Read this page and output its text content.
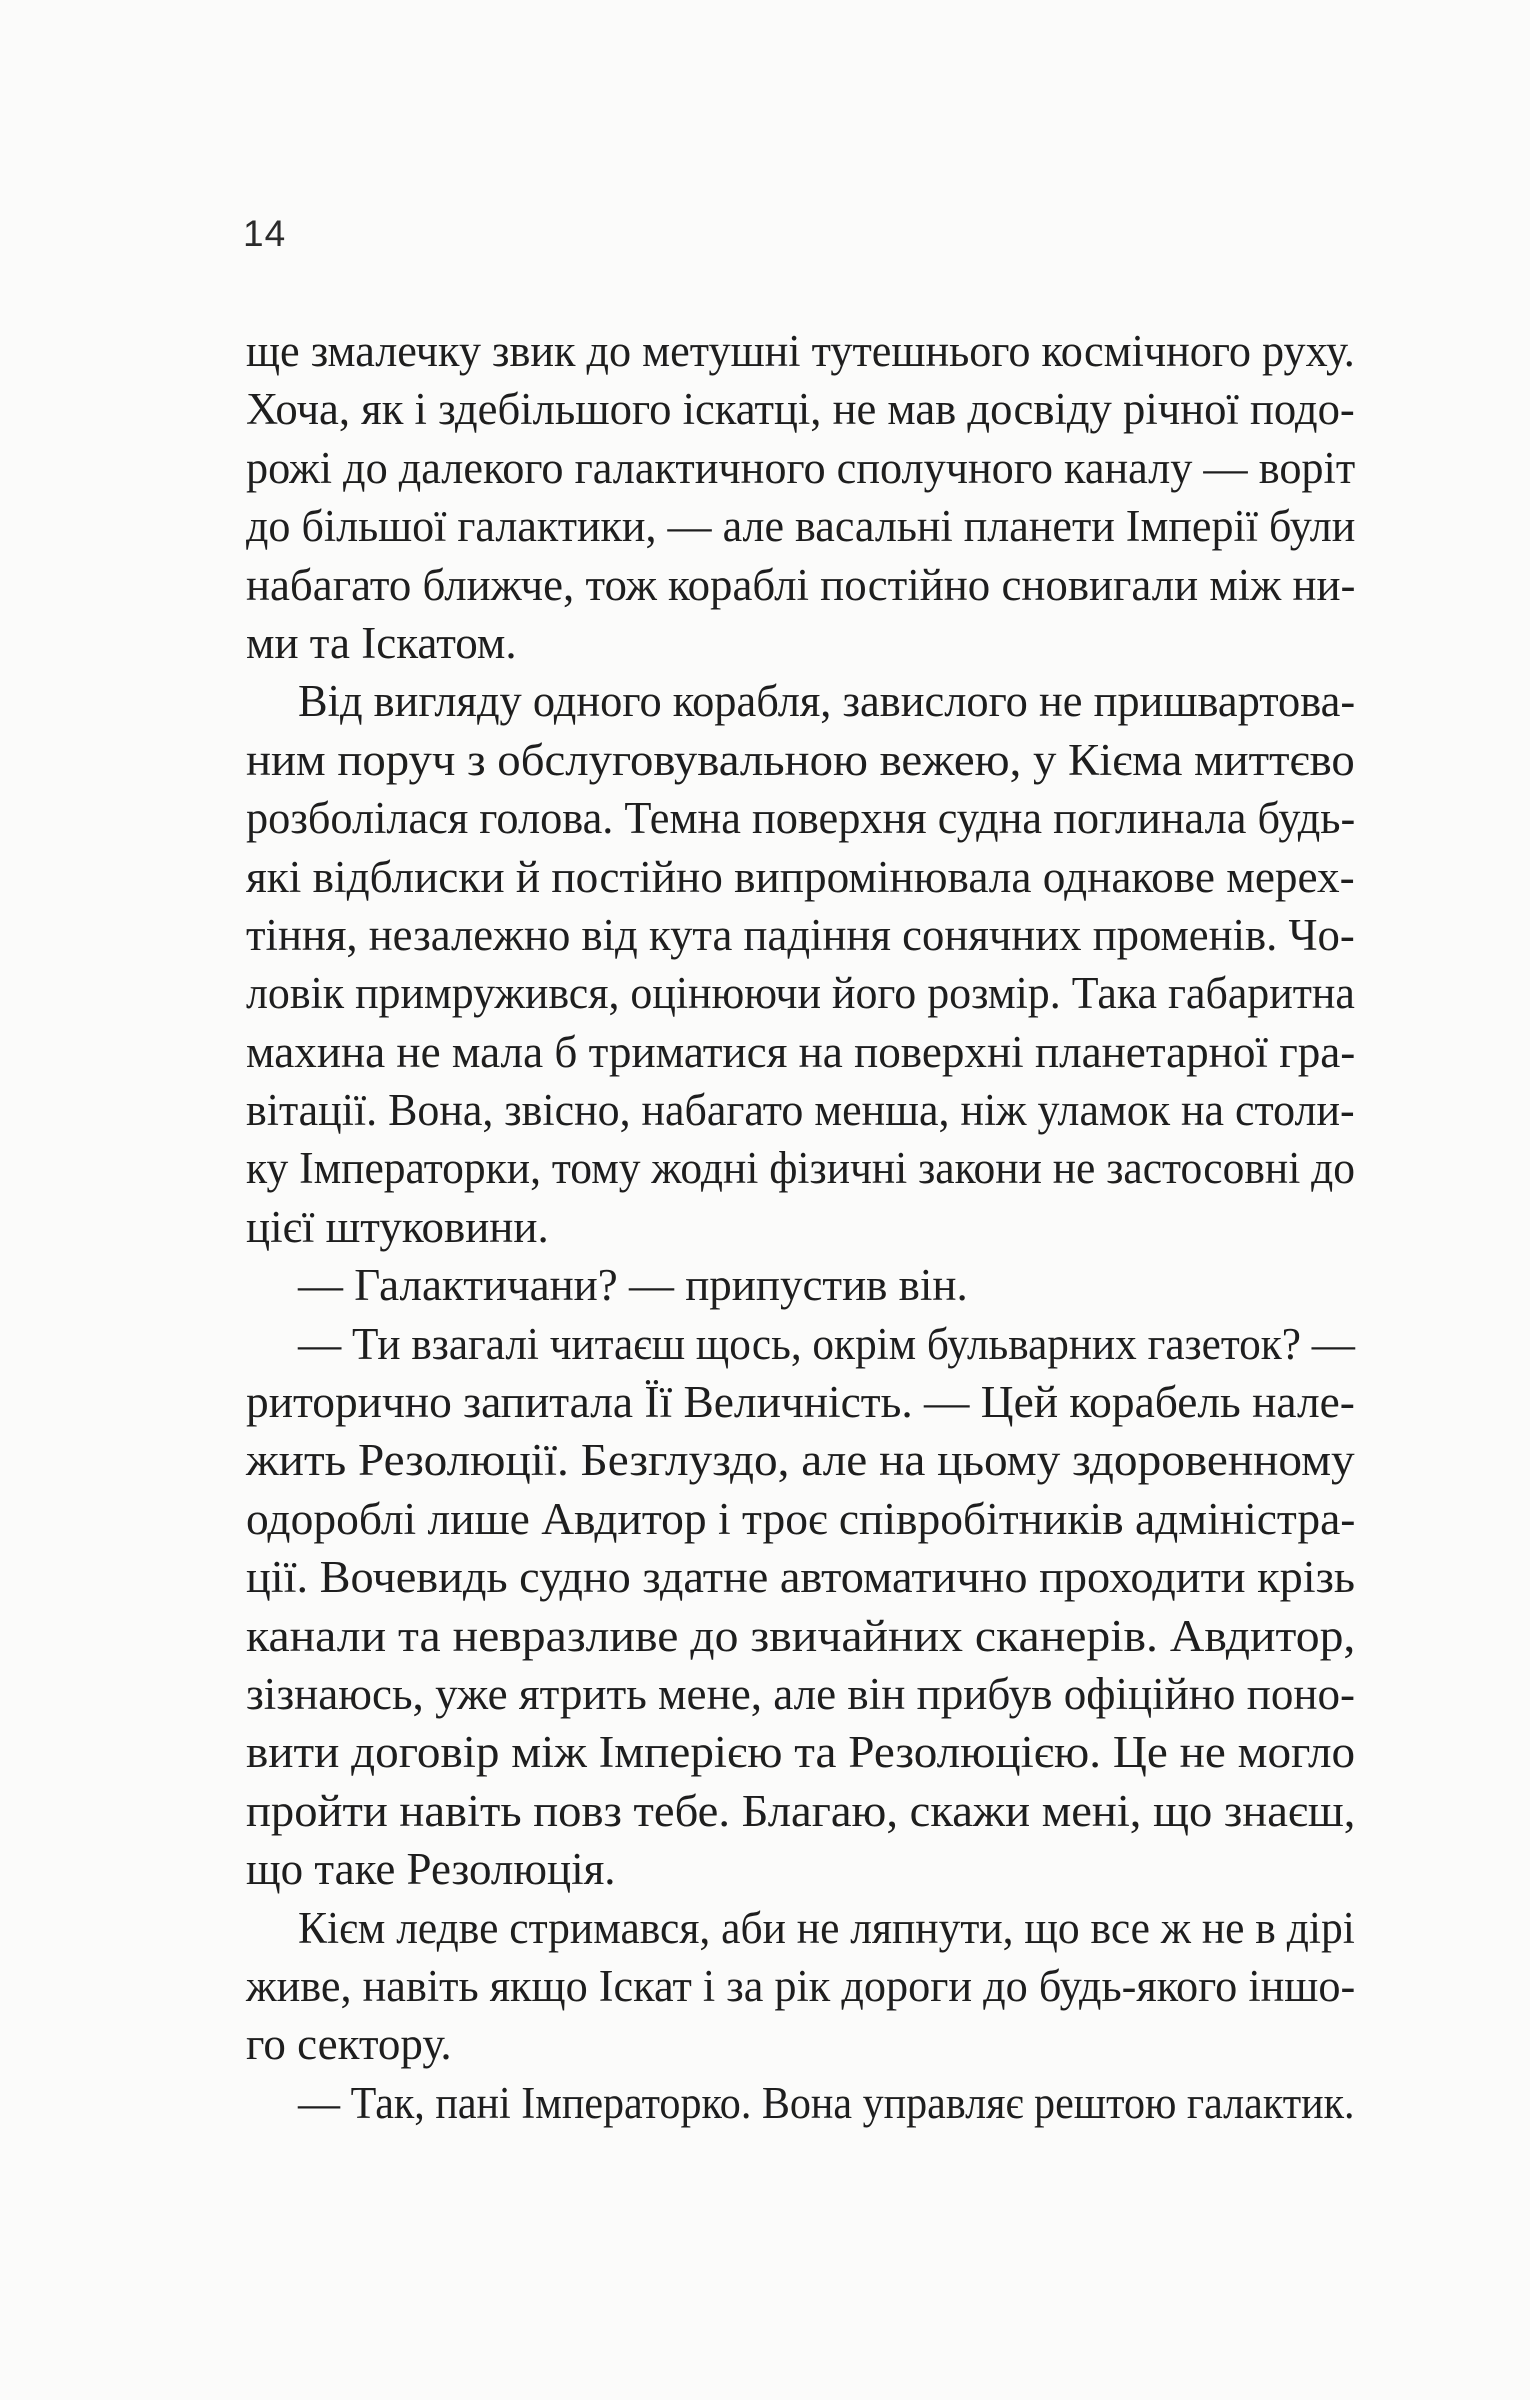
14
ще змалечку звик до метушні тутешнього космічного руху.
Хоча, як і здебільшого іскатці, не мав досвіду річної подо-
рожі до далекого галактичного сполучного каналу — воріт
до більшої галактики, — але васальні планети Імперії були
набагато ближче, тож кораблі постійно сновигали між ни-
ми та Іскатом.
Від вигляду одного корабля, завислого не пришвартова-
ним поруч з обслуговувальною вежею, у Кієма миттєво
розболілася голова. Темна поверхня судна поглинала будь-
які відблиски й постійно випромінювала однакове мерех-
тіння, незалежно від кута падіння сонячних променів. Чо-
ловік примружився, оцінюючи його розмір. Така габаритна
махина не мала б триматися на поверхні планетарної гра-
вітації. Вона, звісно, набагато менша, ніж уламок на столи-
ку Імператорки, тому жодні фізичні закони не застосовні до
цієї штуковини.
— Галактичани? — припустив він.
— Ти взагалі читаєш щось, окрім бульварних газеток? —
риторично запитала Її Величність. — Цей корабель нале-
жить Резолюції. Безглуздо, але на цьому здоровенному
одороблі лише Авдитор і троє співробітників адміністра-
ції. Вочевидь судно здатне автоматично проходити крізь
канали та невразливе до звичайних сканерів. Авдитор,
зізнаюсь, уже ятрить мене, але він прибув офіційно поно-
вити договір між Імперією та Резолюцією. Це не могло
пройти навіть повз тебе. Благаю, скажи мені, що знаєш,
що таке Резолюція.
Кієм ледве стримався, аби не ляпнути, що все ж не в дірі
живе, навіть якщо Іскат і за рік дороги до будь-якого іншо-
го сектору.
— Так, пані Імператорко. Вона управляє рештою галактик.
